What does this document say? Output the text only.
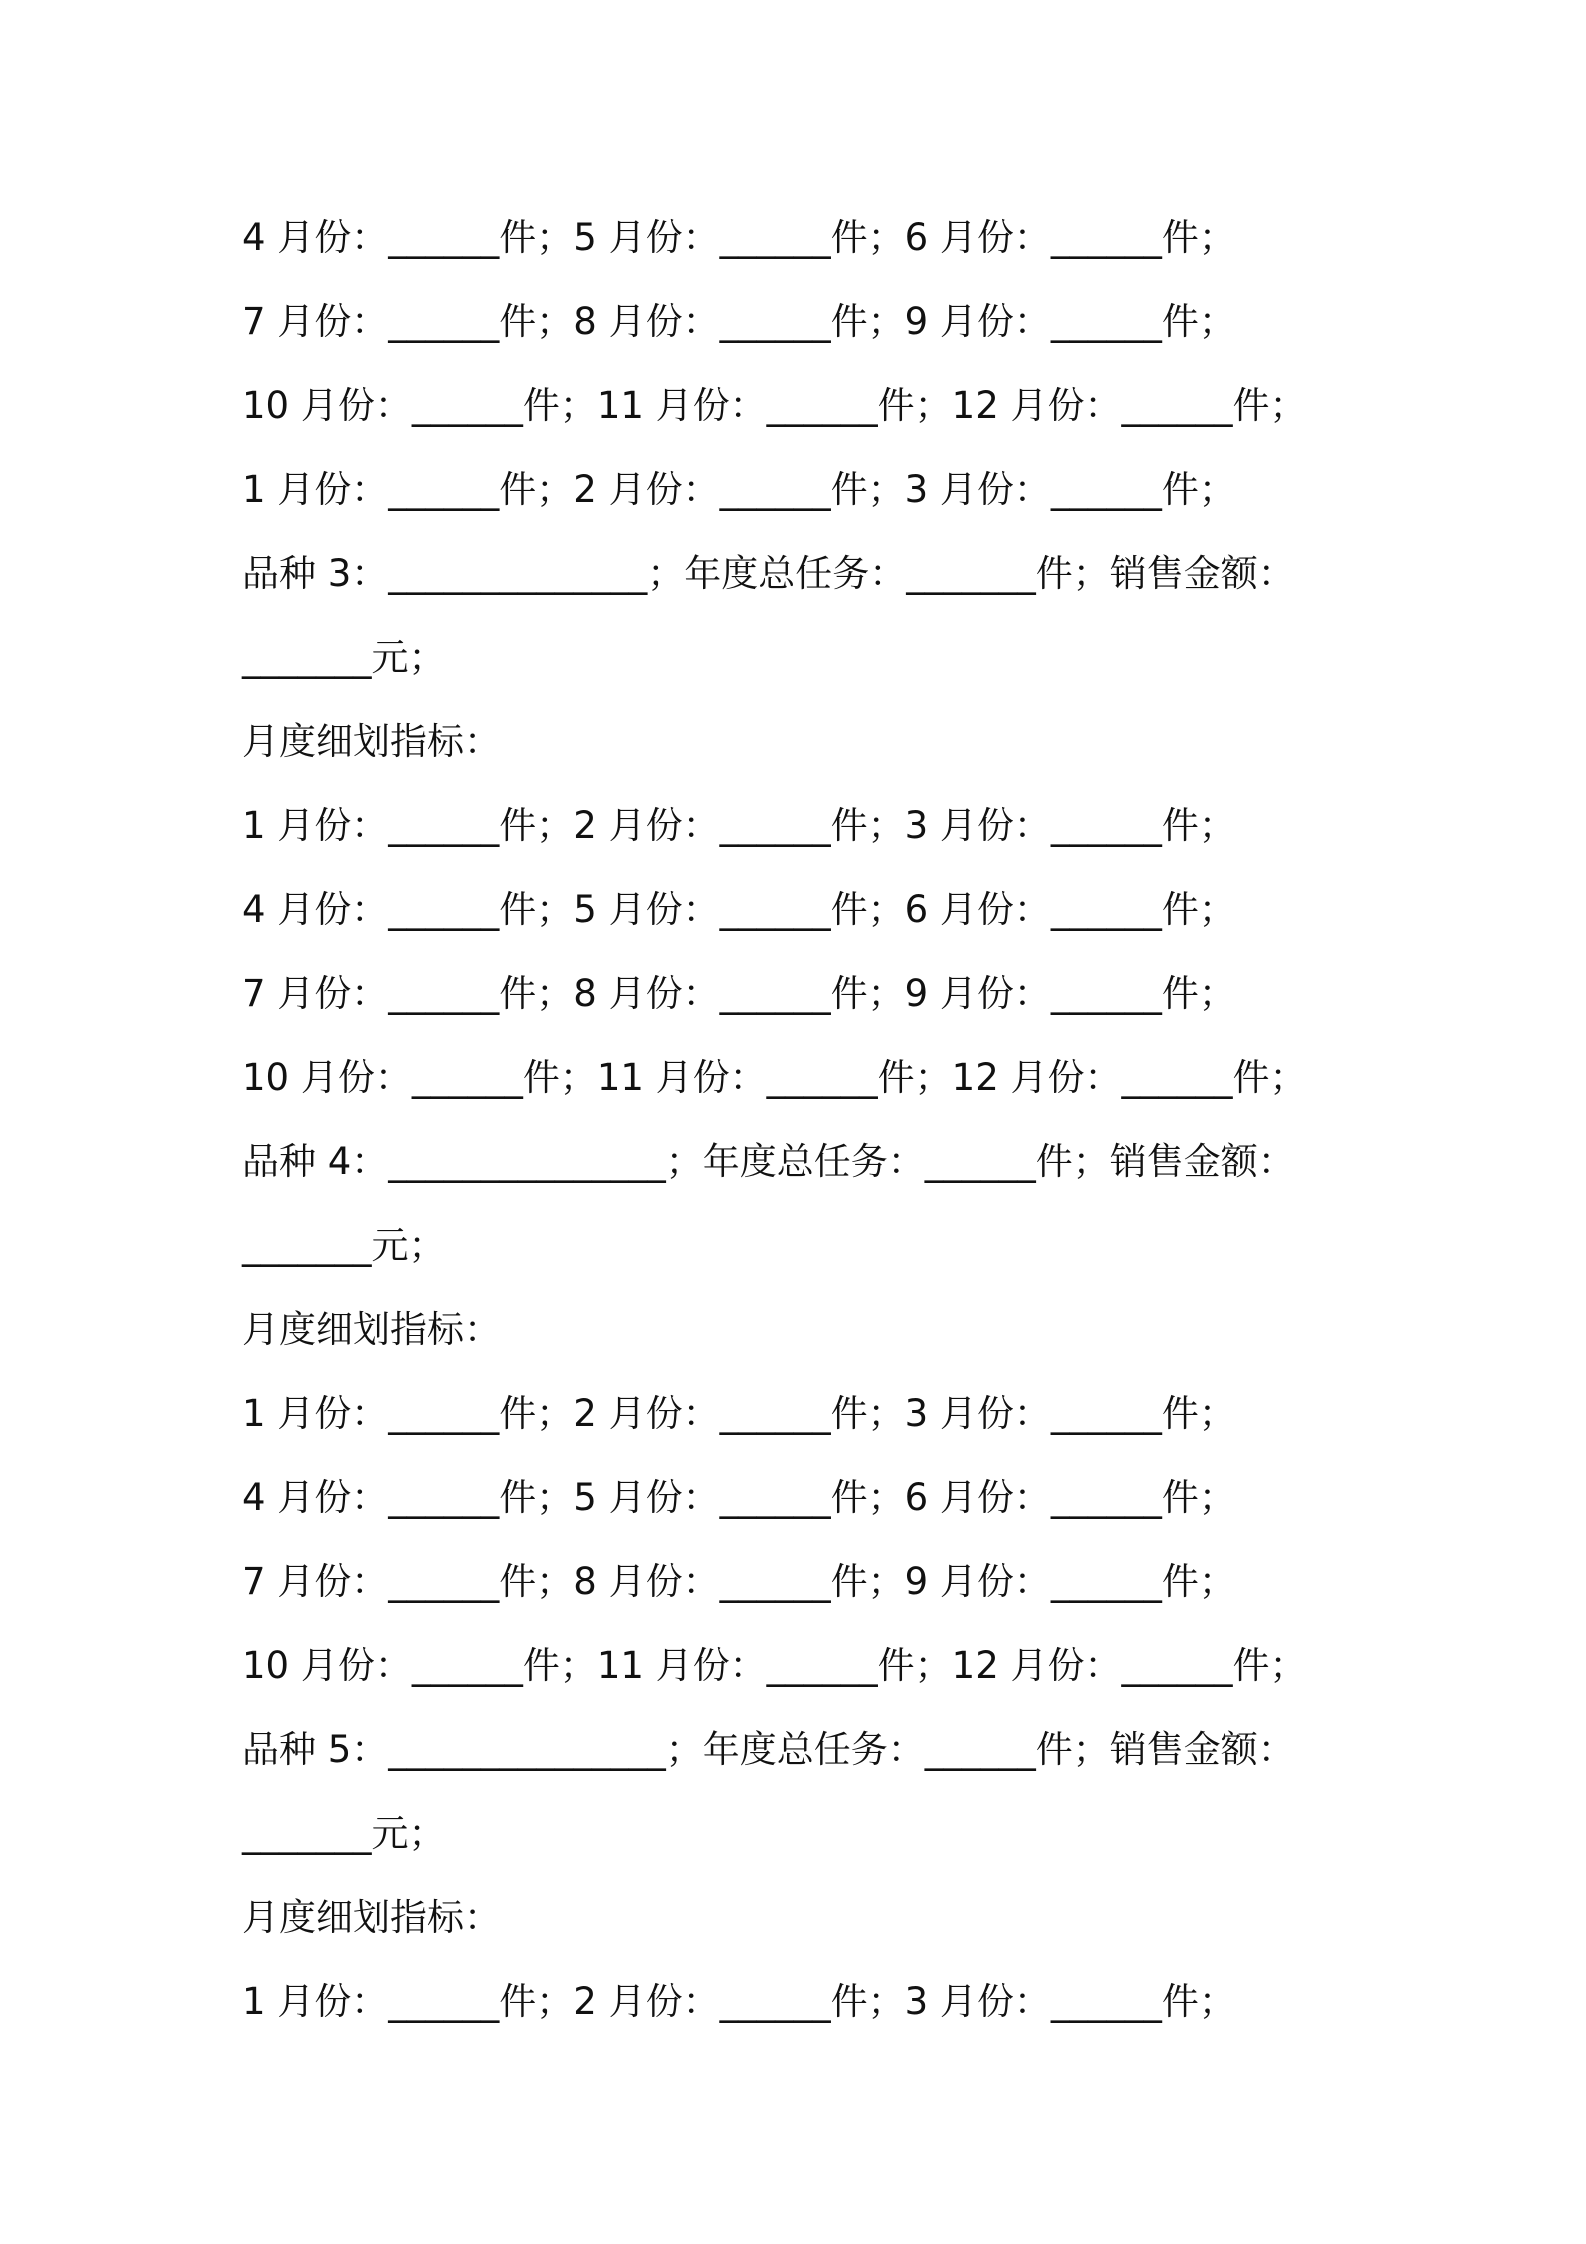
4 月份：______件；5 月份：______件；6 月份：______件；
7 月份：______件；8 月份：______件；9 月份：______件；
10 月份：______件；11 月份：______件；12 月份：______件；
1 月份：______件；2 月份：______件；3 月份：______件；
品种 3：______________；年度总任务：_______件；销售金额：
_______元；
月度细划指标：
1 月份：______件；2 月份：______件；3 月份：______件；
4 月份：______件；5 月份：______件；6 月份：______件；
7 月份：______件；8 月份：______件；9 月份：______件；
10 月份：______件；11 月份：______件；12 月份：______件；
品种 4：_______________；年度总任务：______件；销售金额：
_______元；
月度细划指标：
1 月份：______件；2 月份：______件；3 月份：______件；
4 月份：______件；5 月份：______件；6 月份：______件；
7 月份：______件；8 月份：______件；9 月份：______件；
10 月份：______件；11 月份：______件；12 月份：______件；
品种 5：_______________；年度总任务：______件；销售金额：
_______元；
月度细划指标：
1 月份：______件；2 月份：______件；3 月份：______件；
